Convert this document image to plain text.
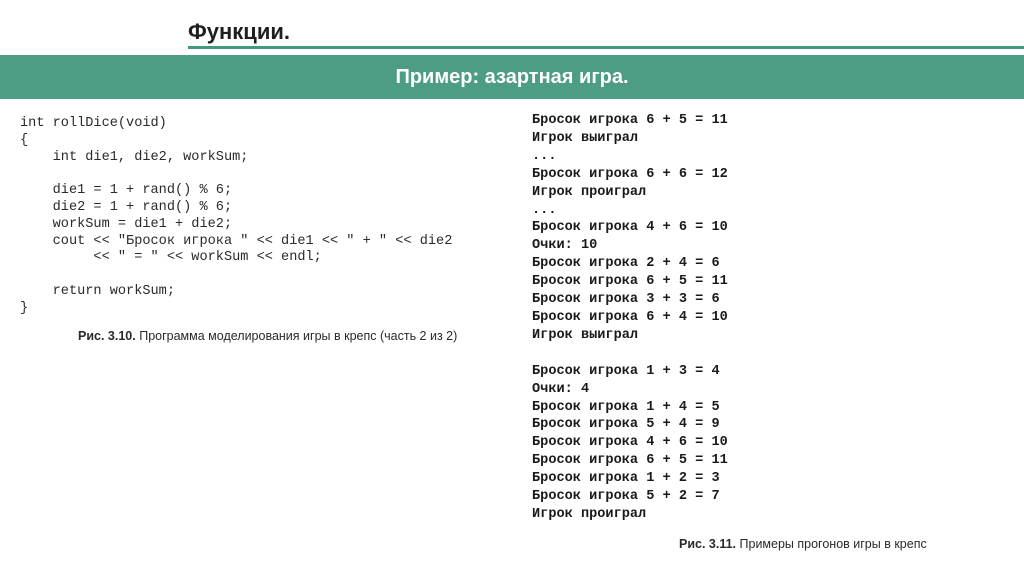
Функции.
Пример: азартная игра.
int rollDice(void)
{
int die1, die2, workSum;

die1 = 1 + rand() % 6;
die2 = 1 + rand() % 6;
workSum = die1 + die2;
cout << "Бросок игрока " << die1 << " + " << die2
<< " = " << workSum << endl;

return workSum;
}
Рис. 3.10. Программа моделирования игры в крепс (часть 2 из 2)
Бросок игрока 6 + 5 = 11
Игрок выиграл
...
Бросок игрока 6 + 6 = 12
Игрок проиграл
...
Бросок игрока 4 + 6 = 10
Очки: 10
Бросок игрока 2 + 4 = 6
Бросок игрока 6 + 5 = 11
Бросок игрока 3 + 3 = 6
Бросок игрока 6 + 4 = 10
Игрок выиграл

Бросок игрока 1 + 3 = 4
Очки: 4
Бросок игрока 1 + 4 = 5
Бросок игрока 5 + 4 = 9
Бросок игрока 4 + 6 = 10
Бросок игрока 6 + 5 = 11
Бросок игрока 1 + 2 = 3
Бросок игрока 5 + 2 = 7
Игрок проиграл
Рис. 3.11. Примеры прогонов игры в крепс
